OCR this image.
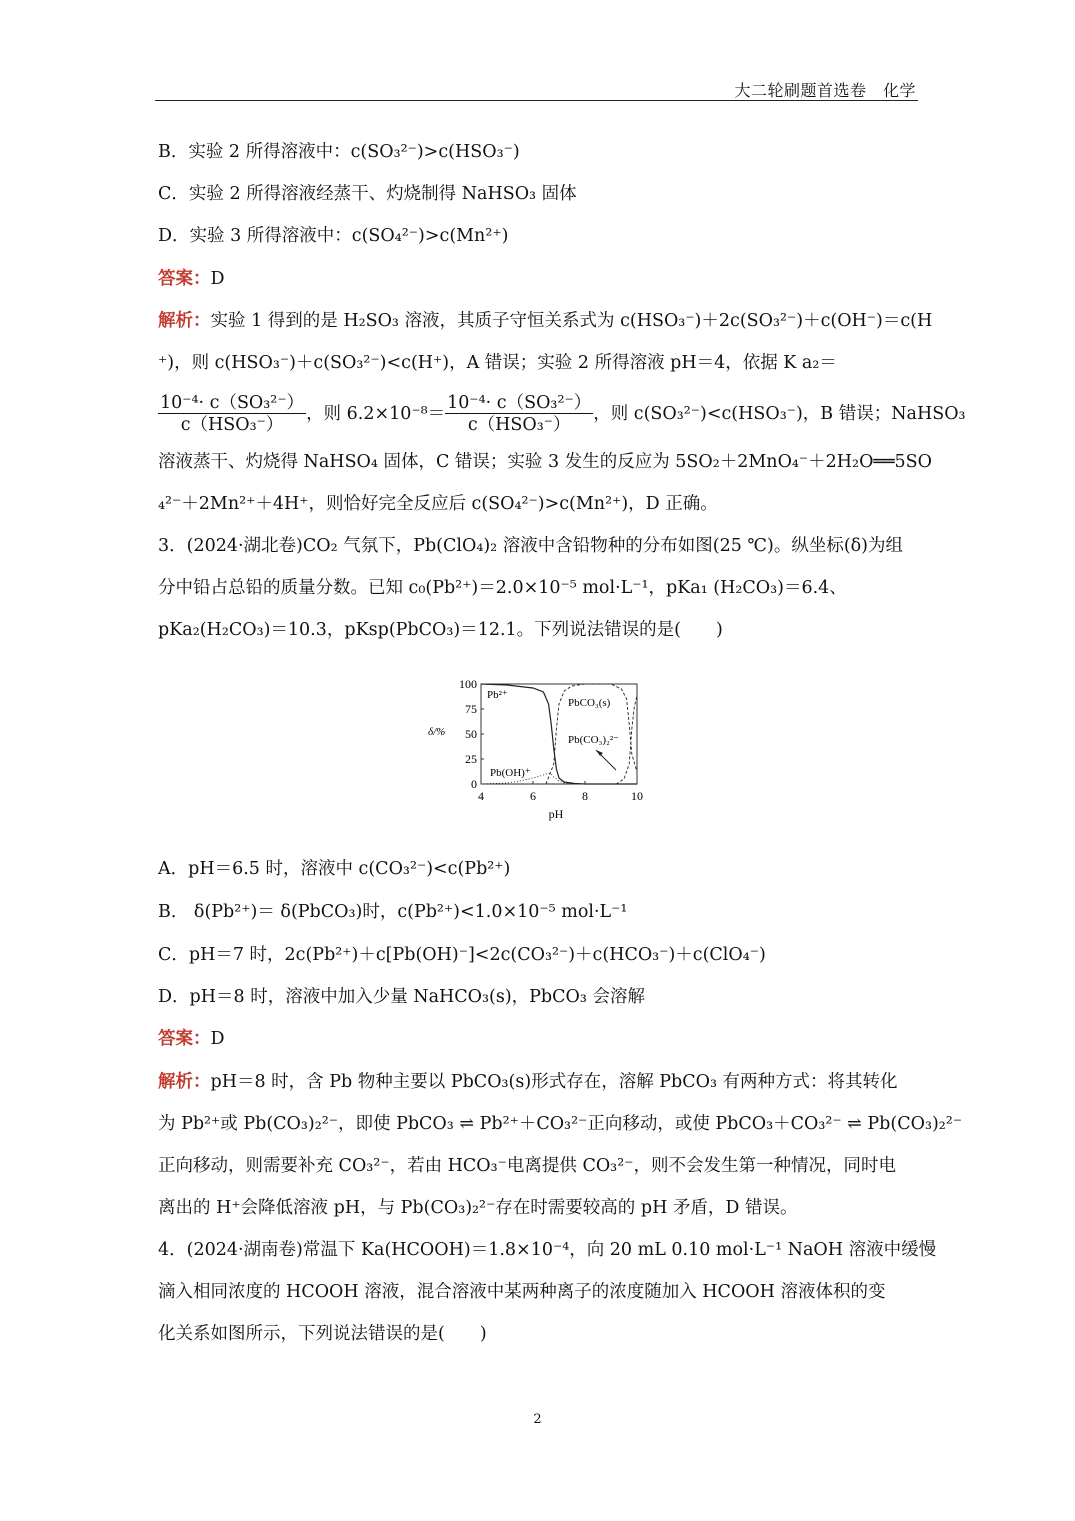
大二轮刷题首选卷　化学
B．实验 2 所得溶液中：c(SO₃²⁻)>c(HSO₃⁻)
C．实验 2 所得溶液经蒸干、灼烧制得 NaHSO₃ 固体
D．实验 3 所得溶液中：c(SO₄²⁻)>c(Mn²⁺)
答案：D
解析：实验 1 得到的是 H₂SO₃ 溶液，其质子守恒关系式为 c(HSO₃⁻)＋2c(SO₃²⁻)＋c(OH⁻)＝c(H
⁺)，则 c(HSO₃⁻)＋c(SO₃²⁻)<c(H⁺)，A 错误；实验 2 所得溶液 pH＝4，依据 K a₂＝
$\frac{\text{10⁻⁴· c（SO₃²⁻）}}{\text{c（HSO₃⁻）}}$ ，则 $6.2\times 10^{-8}= \frac{\text{10⁻⁴· c（SO₃²⁻）}}{\text{c（HSO₃⁻）}}$ ，则 c(SO₃²⁻)<c(HSO₃⁻)，B 错误；NaHSO₃
溶液蒸干、灼烧得 NaHSO₄ 固体，C 错误；实验 3 发生的反应为 5SO₂＋2MnO₄⁻＋2H₂O══5SO
₄²⁻＋2Mn²⁺＋4H⁺，则恰好完全反应后 c(SO₄²⁻)>c(Mn²⁺)，D 正确。
3．(2024·湖北卷)CO₂ 气氛下，Pb(ClO₄)₂ 溶液中含铅物种的分布如图(25 ℃)。纵坐标(δ)为组
分中铅占总铅的质量分数。已知 c₀(Pb²⁺)＝2.0×10⁻⁵ mol·L⁻¹，pKa₁ (H₂CO₃)＝6.4、
pKa₂(H₂CO₃)＝10.3，pKsp(PbCO₃)＝12.1。下列说法错误的是(　　)
4	6	8	10
0
25
50
75
100
δ/%
pH
Pb²⁺
PbCO₃(s)
Pb(CO₃)₂²⁻
Pb(OH)⁺
A．pH＝6.5 时，溶液中 c(CO₃²⁻)<c(Pb²⁺)
B． δ(Pb²⁺)＝ δ(PbCO₃)时，c(Pb²⁺)<1.0×10⁻⁵ mol·L⁻¹
C．pH＝7 时，2c(Pb²⁺)＋c[Pb(OH)⁻]<2c(CO₃²⁻)＋c(HCO₃⁻)＋c(ClO₄⁻)
D．pH＝8 时，溶液中加入少量 NaHCO₃(s)，PbCO₃ 会溶解
答案：D
解析：pH＝8 时，含 Pb 物种主要以 PbCO₃(s)形式存在，溶解 PbCO₃ 有两种方式：将其转化
为 Pb²⁺或 Pb(CO₃)₂²⁻，即使 PbCO₃ ⇌ Pb²⁺＋CO₃²⁻正向移动，或使 PbCO₃＋CO₃²⁻ ⇌ Pb(CO₃)₂²⁻
正向移动，则需要补充 CO₃²⁻，若由 HCO₃⁻电离提供 CO₃²⁻，则不会发生第一种情况，同时电
离出的 H⁺会降低溶液 pH，与 Pb(CO₃)₂²⁻存在时需要较高的 pH 矛盾，D 错误。
4．(2024·湖南卷)常温下 Ka(HCOOH)＝1.8×10⁻⁴，向 20 mL 0.10 mol·L⁻¹ NaOH 溶液中缓慢
滴入相同浓度的 HCOOH 溶液，混合溶液中某两种离子的浓度随加入 HCOOH 溶液体积的变
化关系如图所示，下列说法错误的是(　　)
2
